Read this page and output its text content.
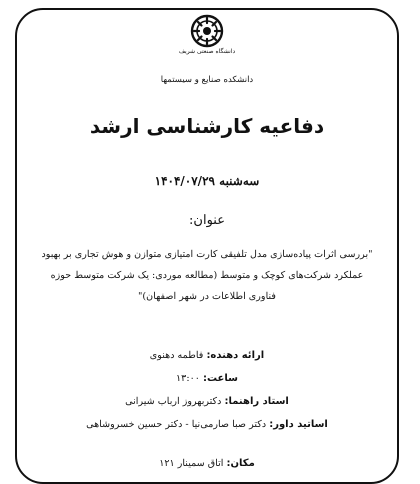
دانشگاه صنعتی شریف
دانشکده صنایع و سیستمها
دفاعیه کارشناسی ارشد
سه‌شنبه ۱۴۰۴/۰۷/۲۹
عنوان:
"بررسی اثرات پیاده‌سازی مدل تلفیقی کارت امتیازی متوازن و هوش تجاری بر بهبود عملکرد شرکت‌های کوچک و متوسط (مطالعه موردی: یک شرکت متوسط حوزه فناوری اطلاعات در شهر اصفهان)"
ارائه دهنده: فاطمه دهنوی
ساعت: ۱۳:۰۰
استاد راهنما: دکتربهروز ارباب شیرانی
اساتید داور: دکتر صبا صارمی‌نیا - دکتر حسین خسروشاهی
مکان: اتاق سمینار ۱۲۱
